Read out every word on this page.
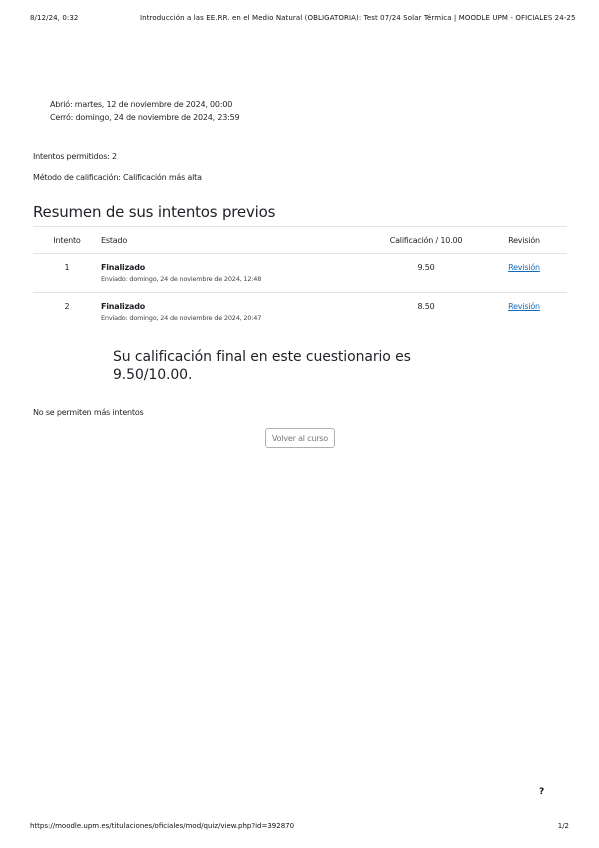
8/12/24, 0:32	Introducción a las EE.RR. en el Medio Natural (OBLIGATORIA): Test 07/24 Solar Térmica | MOODLE UPM - OFICIALES 24-25
Abrió: martes, 12 de noviembre de 2024, 00:00
Cerró: domingo, 24 de noviembre de 2024, 23:59
Intentos permitidos: 2
Método de calificación: Calificación más alta
Resumen de sus intentos previos
Intento	Estado	Calificación / 10.00	Revisión

1	Finalizado
Enviado: domingo, 24 de noviembre de 2024, 12:48	9.50	Revisión

2	Finalizado
Enviado: domingo, 24 de noviembre de 2024, 20:47	8.50	Revisión
Su calificación final en este cuestionario es 9.50/10.00.
No se permiten más intentos
Volver al curso
?
https://moodle.upm.es/titulaciones/oficiales/mod/quiz/view.php?id=392870	1/2
